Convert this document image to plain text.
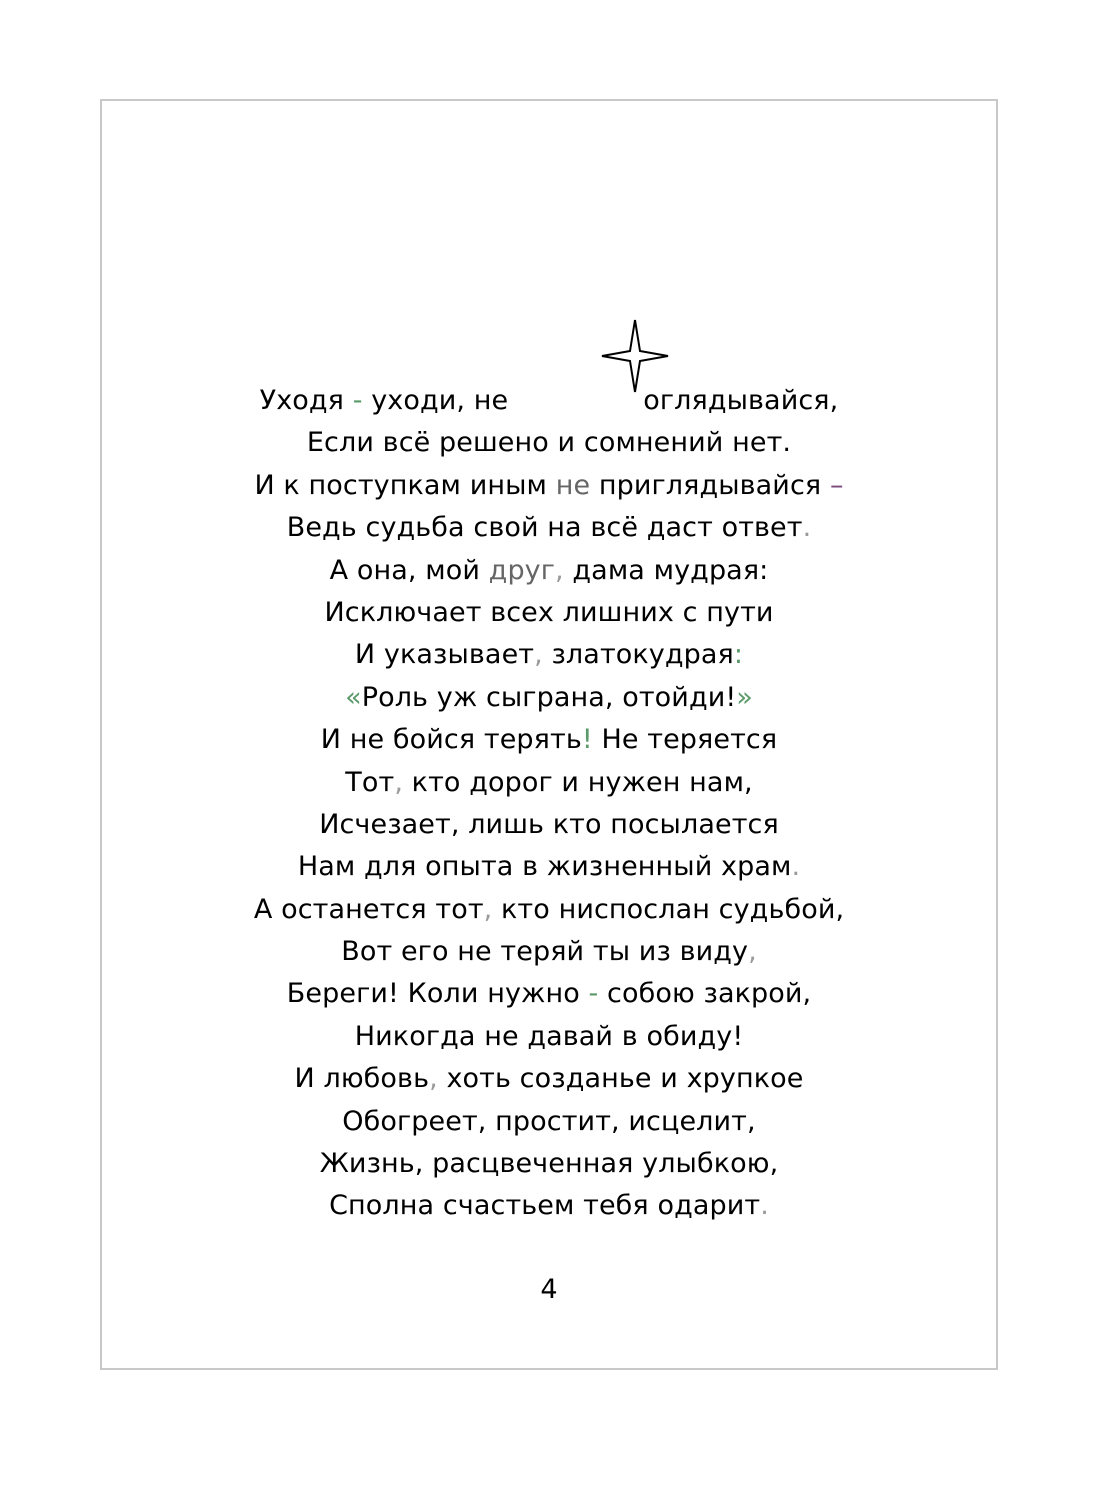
Уходя - уходи, не	оглядывайся,
Если всё решено и сомнений нет.
И к поступкам иным не приглядывайся –
Ведь судьба свой на всё даст ответ.
А она, мой друг, дама мудрая:
Исключает всех лишних с пути
И указывает, златокудрая:
«Роль уж сыграна, отойди!»
И не бойся терять! Не теряется
Тот, кто дорог и нужен нам,
Исчезает, лишь кто посылается
Нам для опыта в жизненный храм.
А останется тот, кто ниспослан судьбой,
Вот его не теряй ты из виду,
Береги! Коли нужно - собою закрой,
Никогда не давай в обиду!
И любовь, хоть созданье и хрупкое
Обогреет, простит, исцелит,
Жизнь, расцвеченная улыбкою,
Сполна счастьем тебя одарит.
4
